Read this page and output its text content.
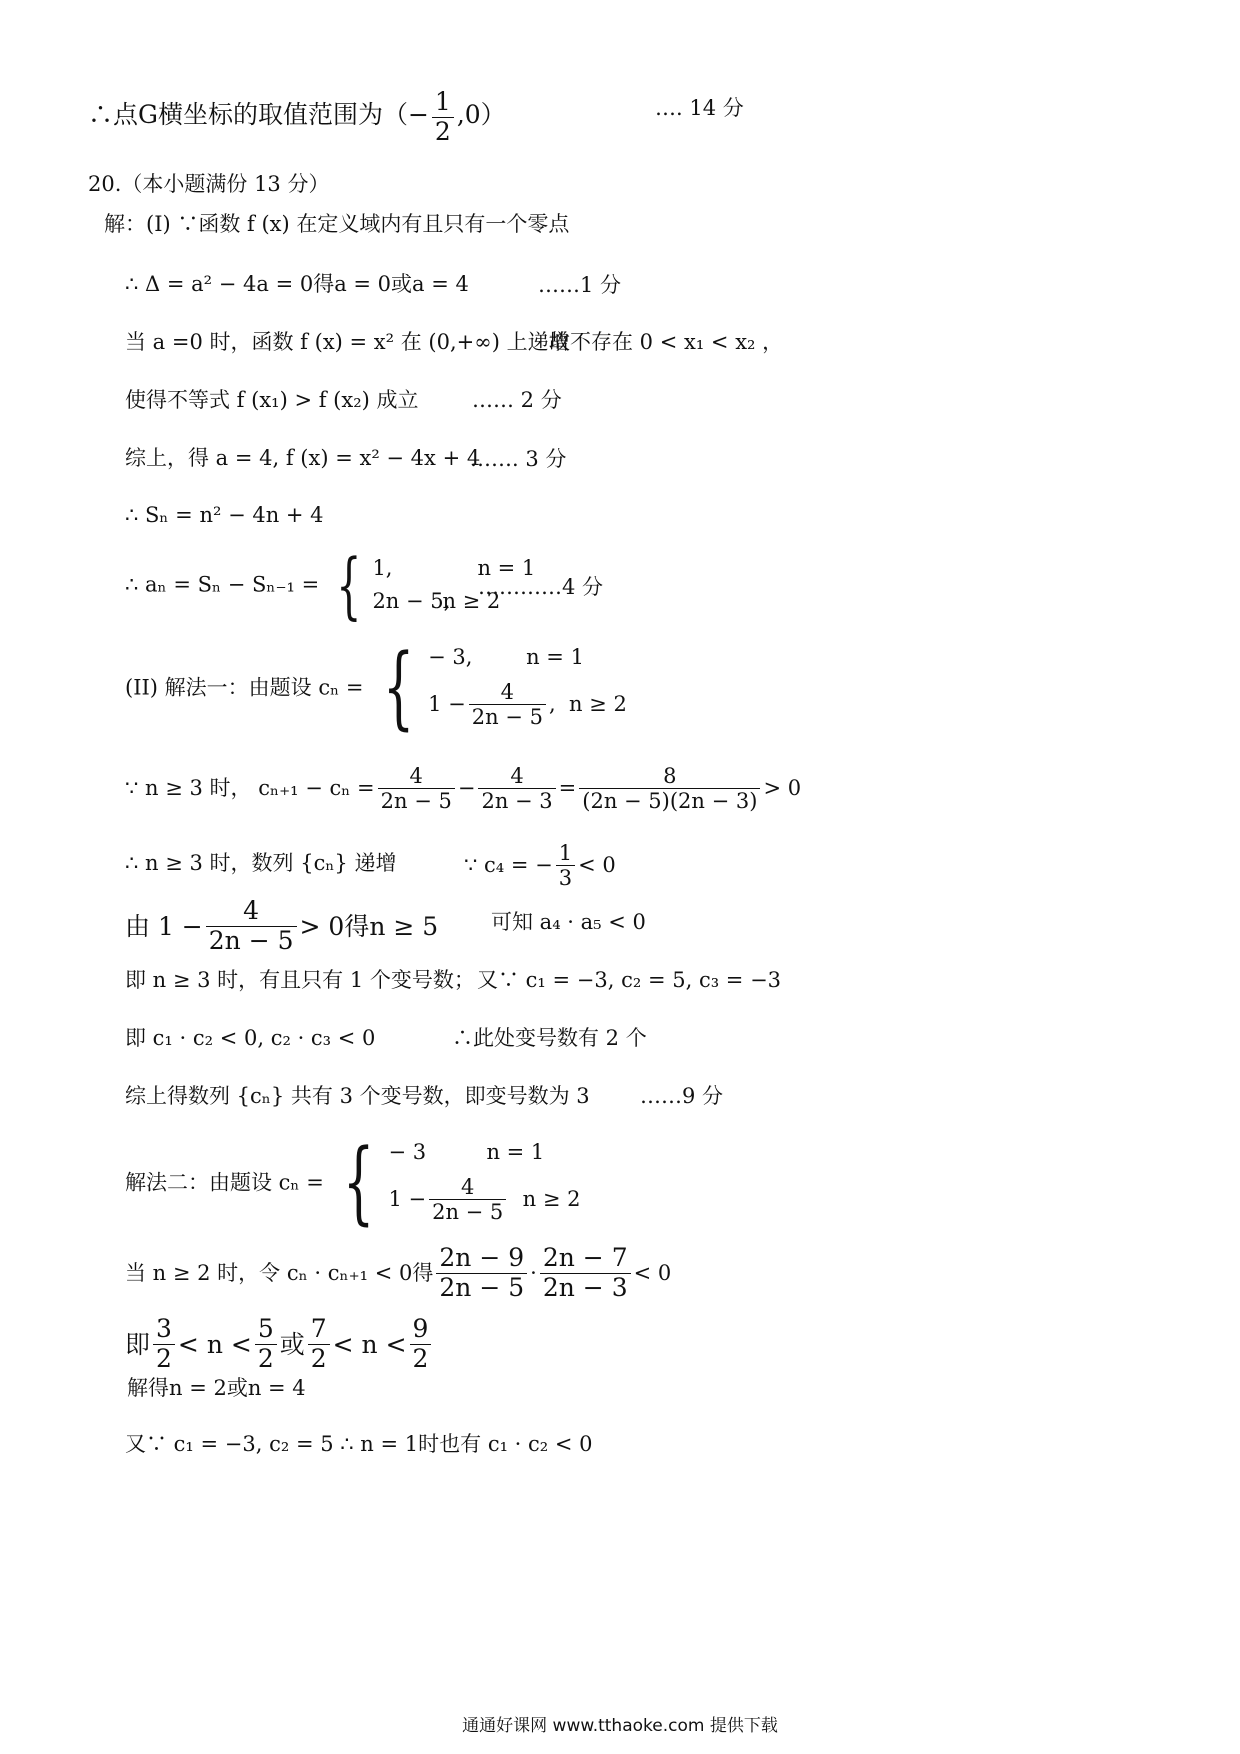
∴点G横坐标的取值范围为（− $\frac{1}{2} ,0$）	…. 14 分
20.（本小题满份 13 分）
解：(I) ∵函数 f (x) 在定义域内有且只有一个零点
∴ Δ = a² − 4a = 0得a = 0或a = 4	……1 分
当 a =0 时，函数 f (x) = x² 在 (0,+∞) 上递增
故不存在 0 < x₁ < x₂ ，
使得不等式 f (x₁) > f (x₂) 成立	…… 2 分
综上，得 a = 4, f (x) = x² − 4x + 4
……. 3 分
∴ Sₙ = n² − 4n + 4
∴ aₙ = Sₙ − Sₙ₋₁ = { 1,	n = 1
2n − 5,n ≥ 2
…………4 分
(II) 解法一：由题设 cₙ = { − 3,	n = 1
$1 - \frac{4}{2n - 5}$ ,  n ≥ 2
∵ n ≥ 3 时， $c_{n+1} - c_n = \frac{4}{2n - 5} - \frac{4}{2n - 3} = \frac{8}{(2n - 5)(2n - 3)} > 0$
∴ n ≥ 3 时，数列 {cₙ} 递增	∵ c₄ = − $\frac{1}{3} < 0$
由 $1 - \frac{4}{2n - 5} > 0$得n ≥ 5	可知 a₄ · a₅ < 0
即 n ≥ 3 时，有且只有 1 个变号数； 又∵ c₁ = −3, c₂ = 5, c₃ = −3
即 c₁ · c₂ < 0, c₂ · c₃ < 0	∴此处变号数有 2 个
综上得数列 {cₙ} 共有 3 个变号数，即变号数为 3 ……9 分
解法二：由题设 cₙ = { − 3	n = 1
$1 - \frac{4}{2n - 5}$ n ≥ 2
当 n ≥ 2 时，令 cₙ · cₙ₊₁ < 0得 $\frac{2n - 9}{2n - 5} \cdot \frac{2n - 7}{2n - 3} < 0$
即 $\frac{3}{2} < n < \frac{5}{2}$ 或 $\frac{7}{2} < n < \frac{9}{2}$
解得n = 2或n = 4
又∵ c₁ = −3, c₂ = 5 ∴ n = 1时也有 c₁ · c₂ < 0
通通好课网 www.tthaoke.com 提供下载
